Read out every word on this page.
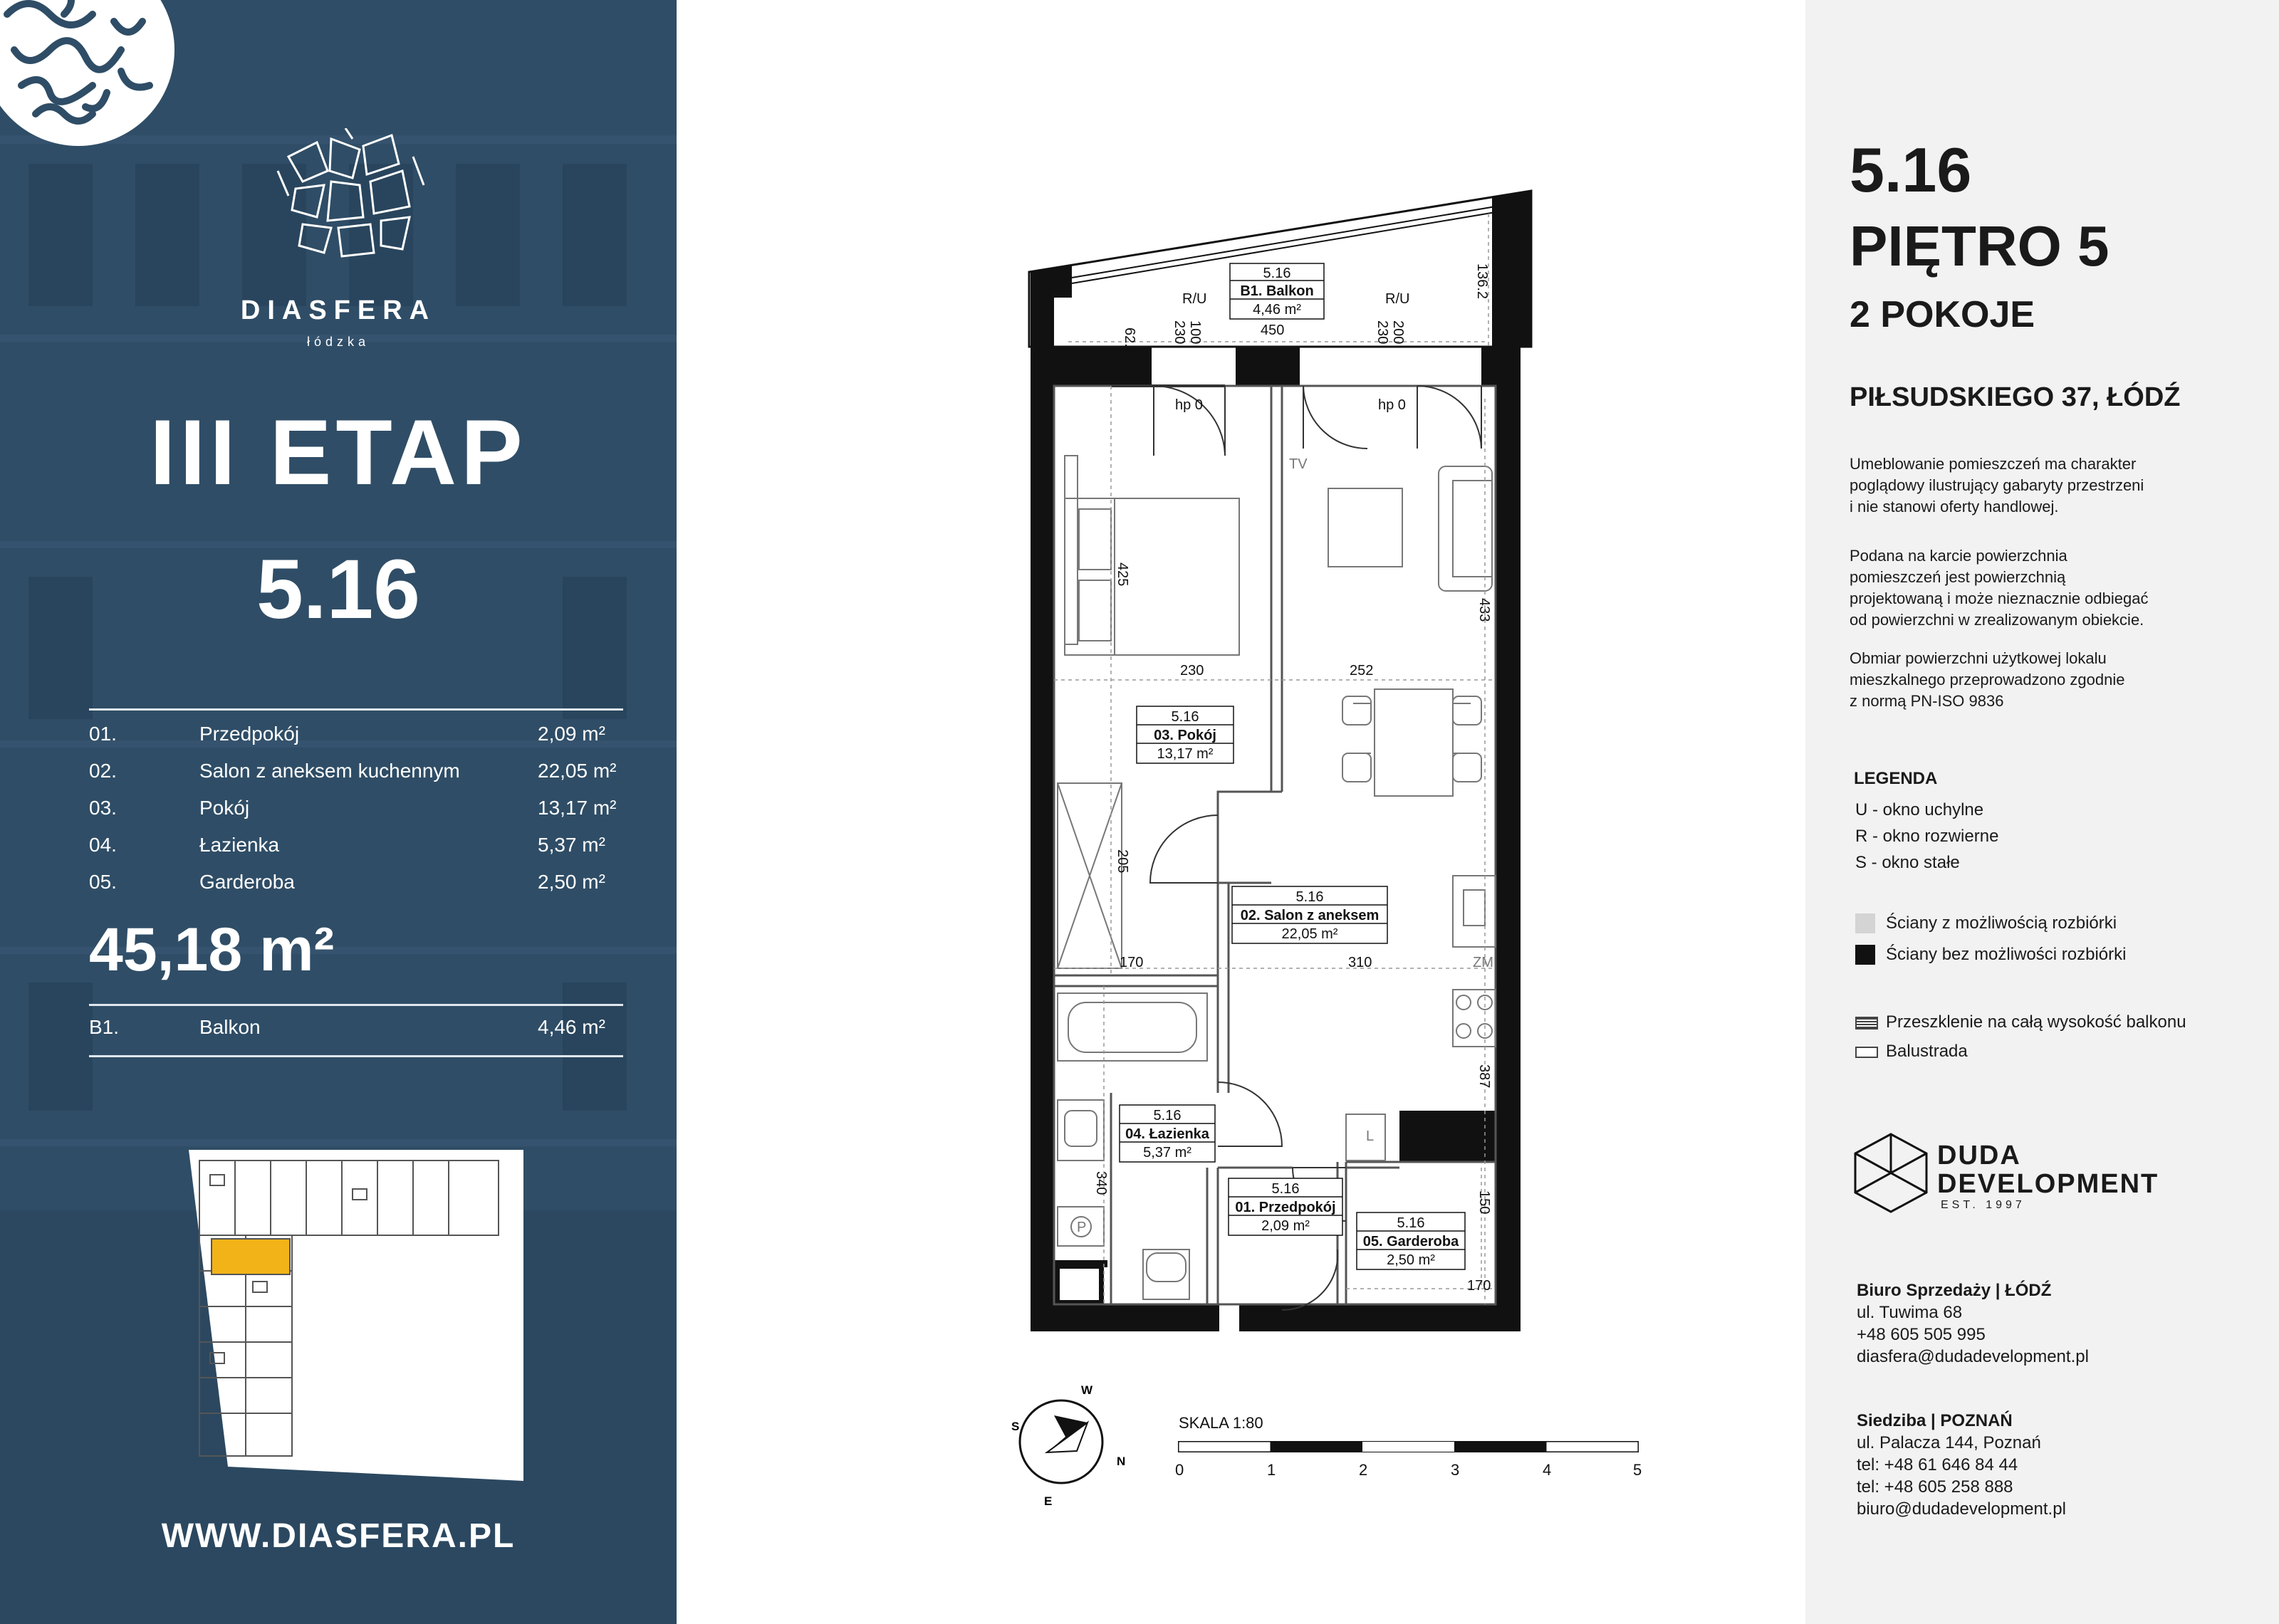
DIASFERA
łódzka
III ETAP
5.16
01.	Przedpokój	2,09 m²
02.	Salon z aneksem kuchennym	22,05 m²
03.	Pokój	13,17 m²
04.	Łazienka	5,37 m²
05.	Garderoba	2,50 m²
45,18 m²
B1.	Balkon	4,46 m²
WWW.DIASFERA.PL
62.3
R/U
230 100	450
R/U
230 200
136.2
hp 0	hp 0
TV
425
433
230	252
205
170	310	ZM
387
L
340
P
150
170
5.16
B1. Balkon
4,46 m²
5.16
03. Pokój
13,17 m²
5.16
02. Salon z aneksem
22,05 m²
5.16
04. Łazienka
5,37 m²
5.16
01. Przedpokój
2,09 m²	5.16
05. Garderoba
2,50 m²
W
S
N
E
SKALA 1:80
0	1	2	3	4	5
5.16
PIĘTRO 5
2 POKOJE
PIŁSUDSKIEGO 37, ŁÓDŹ
Umeblowanie pomieszczeń ma charakter
poglądowy ilustrujący gabaryty przestrzeni
i nie stanowi oferty handlowej.
Podana na karcie powierzchnia
pomieszczeń jest powierzchnią
projektowaną i może nieznacznie odbiegać
od powierzchni w zrealizowanym obiekcie.
Obmiar powierzchni użytkowej lokalu
mieszkalnego przeprowadzono zgodnie
z normą PN-ISO 9836
LEGENDA
U - okno uchylne
R - okno rozwierne
S - okno stałe
Ściany z możliwością rozbiórki
Ściany bez możliwości rozbiórki
Przeszklenie na całą wysokość balkonu
Balustrada
DUDA
DEVELOPMENT
EST. 1997
Biuro Sprzedaży | ŁÓDŹ
ul. Tuwima 68
+48 605 505 995
diasfera@dudadevelopment.pl
Siedziba | POZNAŃ
ul. Palacza 144, Poznań
tel: +48 61 646 84 44
tel: +48 605 258 888
biuro@dudadevelopment.pl
